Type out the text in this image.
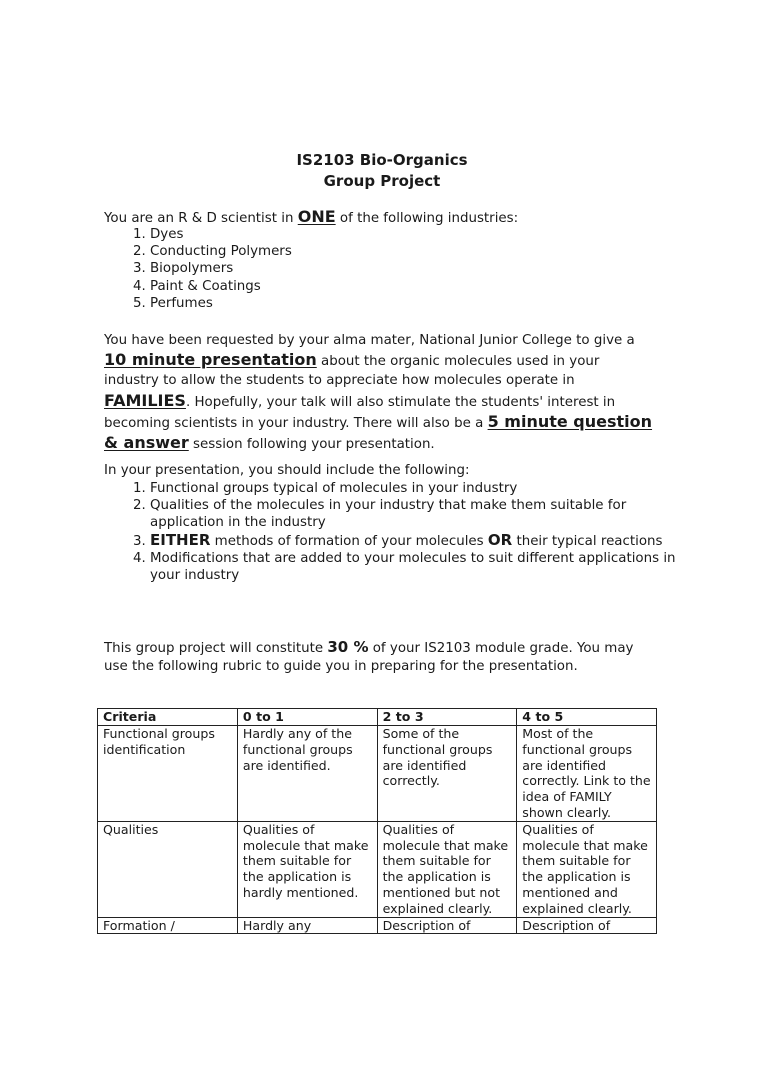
IS2103 Bio-Organics
Group Project
You are an R & D scientist in ONE of the following industries:
1. Dyes
2. Conducting Polymers
3. Biopolymers
4. Paint & Coatings
5. Perfumes
You have been requested by your alma mater, National Junior College to give a 10 minute presentation about the organic molecules used in your industry to allow the students to appreciate how molecules operate in FAMILIES. Hopefully, your talk will also stimulate the students' interest in becoming scientists in your industry. There will also be a 5 minute question & answer session following your presentation.
In your presentation, you should include the following:
1. Functional groups typical of molecules in your industry
2. Qualities of the molecules in your industry that make them suitable for application in the industry
3. EITHER methods of formation of your molecules OR their typical reactions
4. Modifications that are added to your molecules to suit different applications in your industry
This group project will constitute 30 % of your IS2103 module grade. You may use the following rubric to guide you in preparing for the presentation.
Criteria	0 to 1	2 to 3	4 to 5
Functional groups identification	Hardly any of the functional groups are identified.	Some of the functional groups are identified correctly.	Most of the functional groups are identified correctly. Link to the idea of FAMILY shown clearly.
Qualities	Qualities of molecule that make them suitable for the application is hardly mentioned.	Qualities of molecule that make them suitable for the application is mentioned but not explained clearly.	Qualities of molecule that make them suitable for the application is mentioned and explained clearly.
Formation /	Hardly any	Description of	Description of
